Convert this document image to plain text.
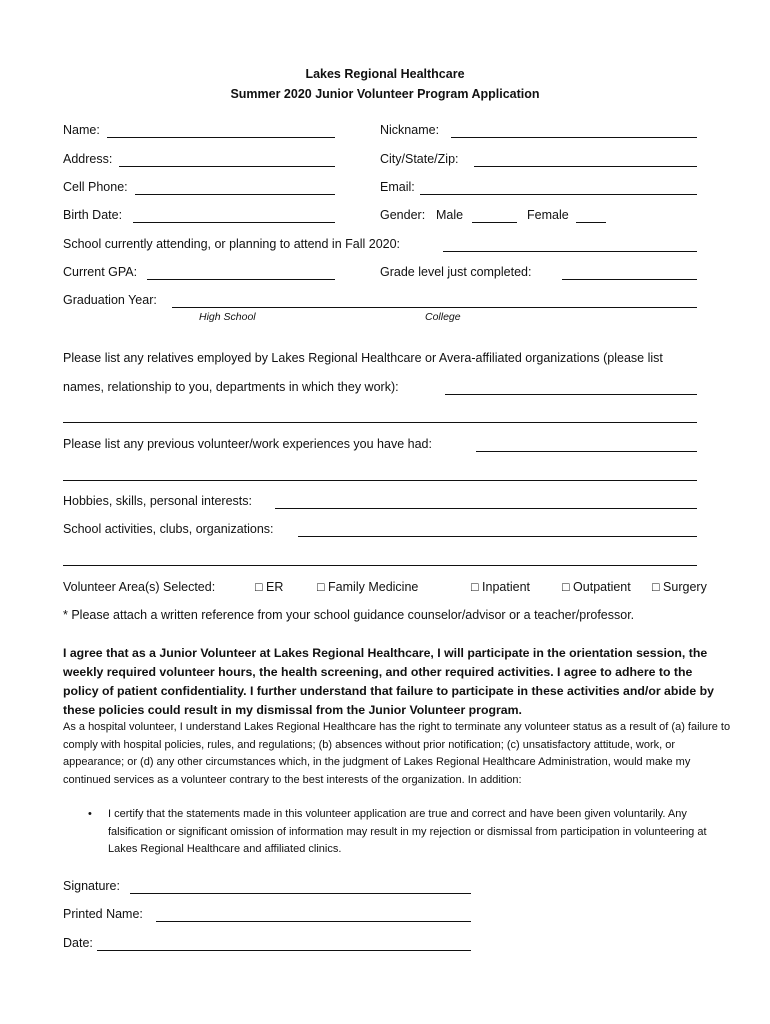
Lakes Regional Healthcare
Summer 2020 Junior Volunteer Program Application
Name:	Nickname:
Address:	City/State/Zip:
Cell Phone:	Email:
Birth Date:	Gender: Male	Female
School currently attending, or planning to attend in Fall 2020:
Current GPA:	Grade level just completed:
Graduation Year:
High School	College
Please list any relatives employed by Lakes Regional Healthcare or Avera-affiliated organizations (please list
names, relationship to you, departments in which they work):
Please list any previous volunteer/work experiences you have had:
Hobbies, skills, personal interests:
School activities, clubs, organizations:
Volunteer Area(s) Selected:	□ ER	□ Family Medicine	□ Inpatient	□ Outpatient □ Surgery
* Please attach a written reference from your school guidance counselor/advisor or a teacher/professor.
I agree that as a Junior Volunteer at Lakes Regional Healthcare, I will participate in the orientation session, the weekly required volunteer hours, the health screening, and other required activities. I agree to adhere to the policy of patient confidentiality. I further understand that failure to participate in these activities and/or abide by these policies could result in my dismissal from the Junior Volunteer program.
As a hospital volunteer, I understand Lakes Regional Healthcare has the right to terminate any volunteer status as a result of (a) failure to comply with hospital policies, rules, and regulations; (b) absences without prior notification; (c) unsatisfactory attitude, work, or appearance; or (d) any other circumstances which, in the judgment of Lakes Regional Healthcare Administration, would make my continued services as a volunteer contrary to the best interests of the organization. In addition:
• I certify that the statements made in this volunteer application are true and correct and have been given voluntarily. Any falsification or significant omission of information may result in my rejection or dismissal from participation in volunteering at Lakes Regional Healthcare and affiliated clinics.
Signature:
Printed Name:
Date:
